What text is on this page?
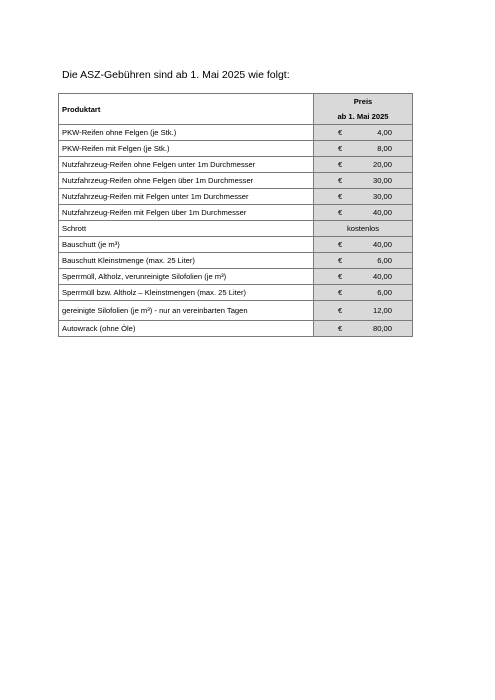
Die ASZ-Gebühren sind ab 1. Mai 2025 wie folgt:
Produktart	Preis
ab 1. Mai 2025

PKW-Reifen ohne Felgen (je Stk.)	€ 4,00

PKW-Reifen mit Felgen (je Stk.)	€ 8,00

Nutzfahrzeug-Reifen ohne Felgen unter 1m Durchmesser	€ 20,00

Nutzfahrzeug-Reifen ohne Felgen über 1m Durchmesser	€ 30,00

Nutzfahrzeug-Reifen mit Felgen unter 1m Durchmesser	€ 30,00

Nutzfahrzeug-Reifen mit Felgen über 1m Durchmesser	€ 40,00

Schrott	kostenlos

Bauschutt (je m³)	€ 40,00

Bauschutt Kleinstmenge (max. 25 Liter)	€ 6,00

Sperrmüll, Altholz, verunreinigte Silofolien (je m³)	€ 40,00

Sperrmüll bzw. Altholz – Kleinstmengen (max. 25 Liter)	€ 6,00

gereinigte Silofolien (je m³) - nur an vereinbarten Tagen	€ 12,00

Autowrack (ohne Öle)	€ 80,00
